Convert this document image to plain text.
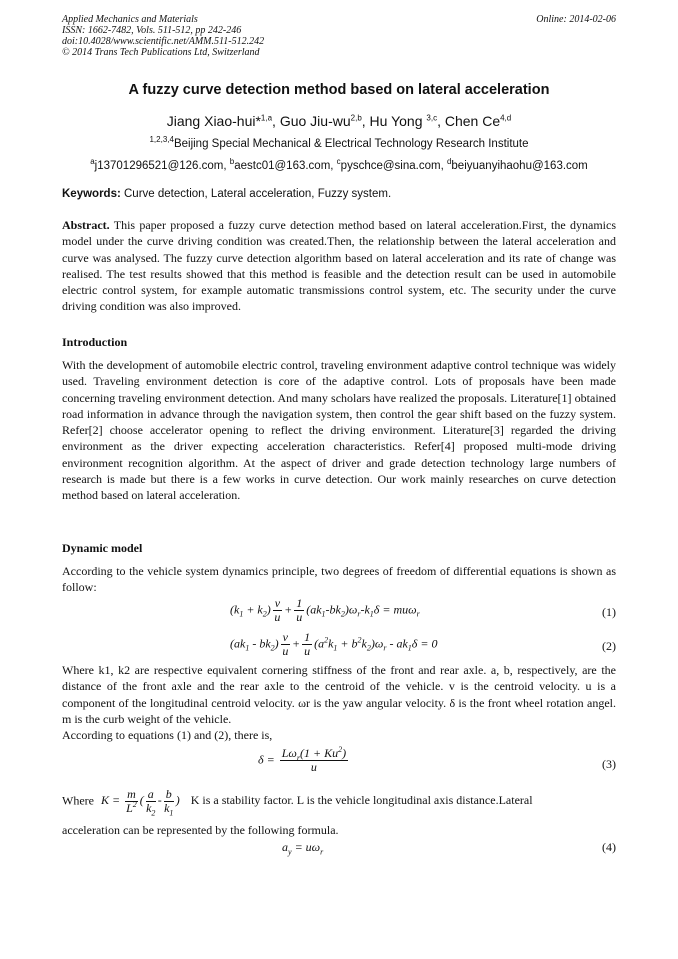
Applied Mechanics and Materials
ISSN: 1662-7482, Vols. 511-512, pp 242-246
doi:10.4028/www.scientific.net/AMM.511-512.242
© 2014 Trans Tech Publications Ltd, Switzerland
Online: 2014-02-06
A fuzzy curve detection method based on lateral acceleration
Jiang Xiao-hui*$^{1,a}$, Guo Jiu-wu$^{2,b}$, Hu Yong $^{3,c}$, Chen Ce$^{4,d}$
$^{1,2,3,4}$Beijing Special Mechanical & Electrical Technology Research Institute
$^a$j13701296521@126.com, $^b$aestc01@163.com, $^c$pyschce@sina.com, $^d$beiyuanyihaohu@163.com
Keywords: Curve detection, Lateral acceleration, Fuzzy system.
Abstract. This paper proposed a fuzzy curve detection method based on lateral acceleration.First, the dynamics model under the curve driving condition was created.Then, the relationship between the lateral acceleration and curve was analysed. The fuzzy curve detection algorithm based on lateral acceleration and its rate of change was realised. The test results showed that this method is feasible and the detection result can be used in automobile electric control system, for example automatic transmissions control system, etc. The security under the curve driving condition was also improved.
Introduction
With the development of automobile electric control, traveling environment adaptive control technique was widely used. Traveling environment detection is core of the adaptive control. Lots of proposals have been made concerning traveling environment detection. And many scholars have realized the proposals. Literature[1] obtained road information in advance through the navigation system, then control the gear shift based on the fuzzy system. Refer[2] choose accelerator opening to reflect the driving environment. Literature[3] regarded the driving environment as the driver expecting acceleration characteristics. Refer[4] proposed multi-mode driving environment recognition algorithm. At the aspect of driver and grade detection technology large numbers of research is made but there is a few works in curve detection. Our work mainly researches on curve detection method based on lateral acceleration.
Dynamic model
According to the vehicle system dynamics principle, two degrees of freedom of differential equations is shown as follow:
$(k_1 + k_2) \frac{v}{u} + \frac{1}{u} (ak_1-bk_2)\omega_r-k_1\delta = mu\omega_r$	(1)
$(ak_1 - bk_2) \frac{v}{u} + \frac{1}{u} (a^2k_1 + b^2k_2)\omega_r - ak_1\delta = 0$	(2)
Where k1, k2 are respective equivalent cornering stiffness of the front and rear axle. a, b, respectively, are the distance of the front axle and the rear axle to the centroid of the vehicle. v is the centroid velocity. u is a component of the longitudinal centroid velocity. ωr is the yaw angular velocity. δ is the front wheel rotation angel. m is the curb weight of the vehicle.
According to equations (1) and (2), there is,
$\delta = \frac{L\omega_r(1 + Ku^2)}{u}$	(3)
Where $K = \frac{m}{L^2}$ ( $\frac{a}{k_2} - \frac{b}{k_1}$ ) K is a stability factor. L is the vehicle longitudinal axis distance.Lateral
acceleration can be represented by the following formula.
$a_y = u\omega_r$	(4)
